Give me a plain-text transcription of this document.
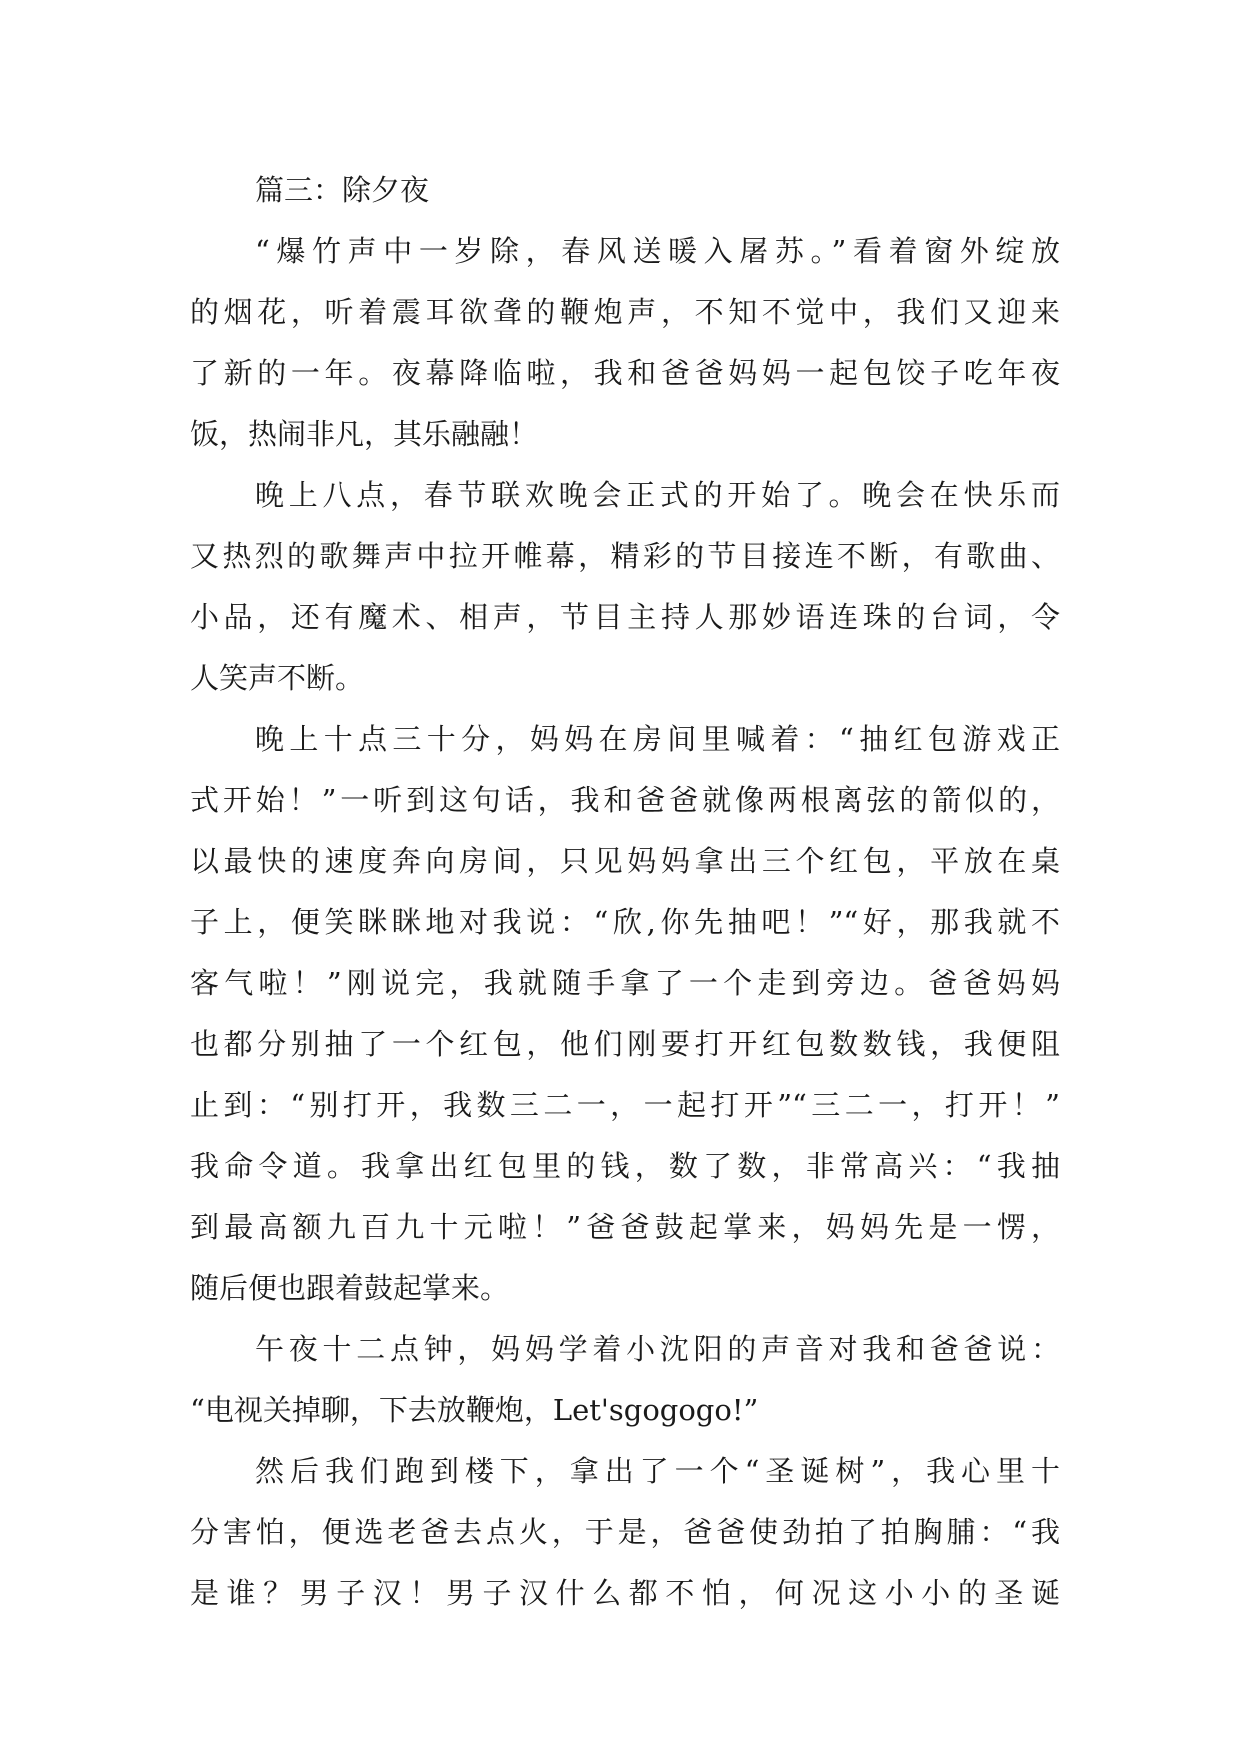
篇三：除夕夜
“爆竹声中一岁除，春风送暖入屠苏。”看着窗外绽放
的烟花，听着震耳欲聋的鞭炮声，不知不觉中，我们又迎来
了新的一年。夜幕降临啦，我和爸爸妈妈一起包饺子吃年夜
饭，热闹非凡，其乐融融！
晚上八点，春节联欢晚会正式的开始了。晚会在快乐而
又热烈的歌舞声中拉开帷幕，精彩的节目接连不断，有歌曲、
小品，还有魔术、相声，节目主持人那妙语连珠的台词，令
人笑声不断。
晚上十点三十分，妈妈在房间里喊着：“抽红包游戏正
式开始！”一听到这句话，我和爸爸就像两根离弦的箭似的，
以最快的速度奔向房间，只见妈妈拿出三个红包，平放在桌
子上，便笑眯眯地对我说：“欣,你先抽吧！”“好，那我就不
客气啦！”刚说完，我就随手拿了一个走到旁边。爸爸妈妈
也都分别抽了一个红包，他们刚要打开红包数数钱，我便阻
止到：“别打开，我数三二一，一起打开”“三二一，打开！”
我命令道。我拿出红包里的钱，数了数，非常高兴：“我抽
到最高额九百九十元啦！”爸爸鼓起掌来，妈妈先是一愣，
随后便也跟着鼓起掌来。
午夜十二点钟，妈妈学着小沈阳的声音对我和爸爸说：
“电视关掉聊，下去放鞭炮，Let'sgogogo!”
然后我们跑到楼下，拿出了一个“圣诞树”，我心里十
分害怕，便选老爸去点火，于是，爸爸使劲拍了拍胸脯：“我
是谁？男子汉！男子汉什么都不怕，何况这小小的圣诞
